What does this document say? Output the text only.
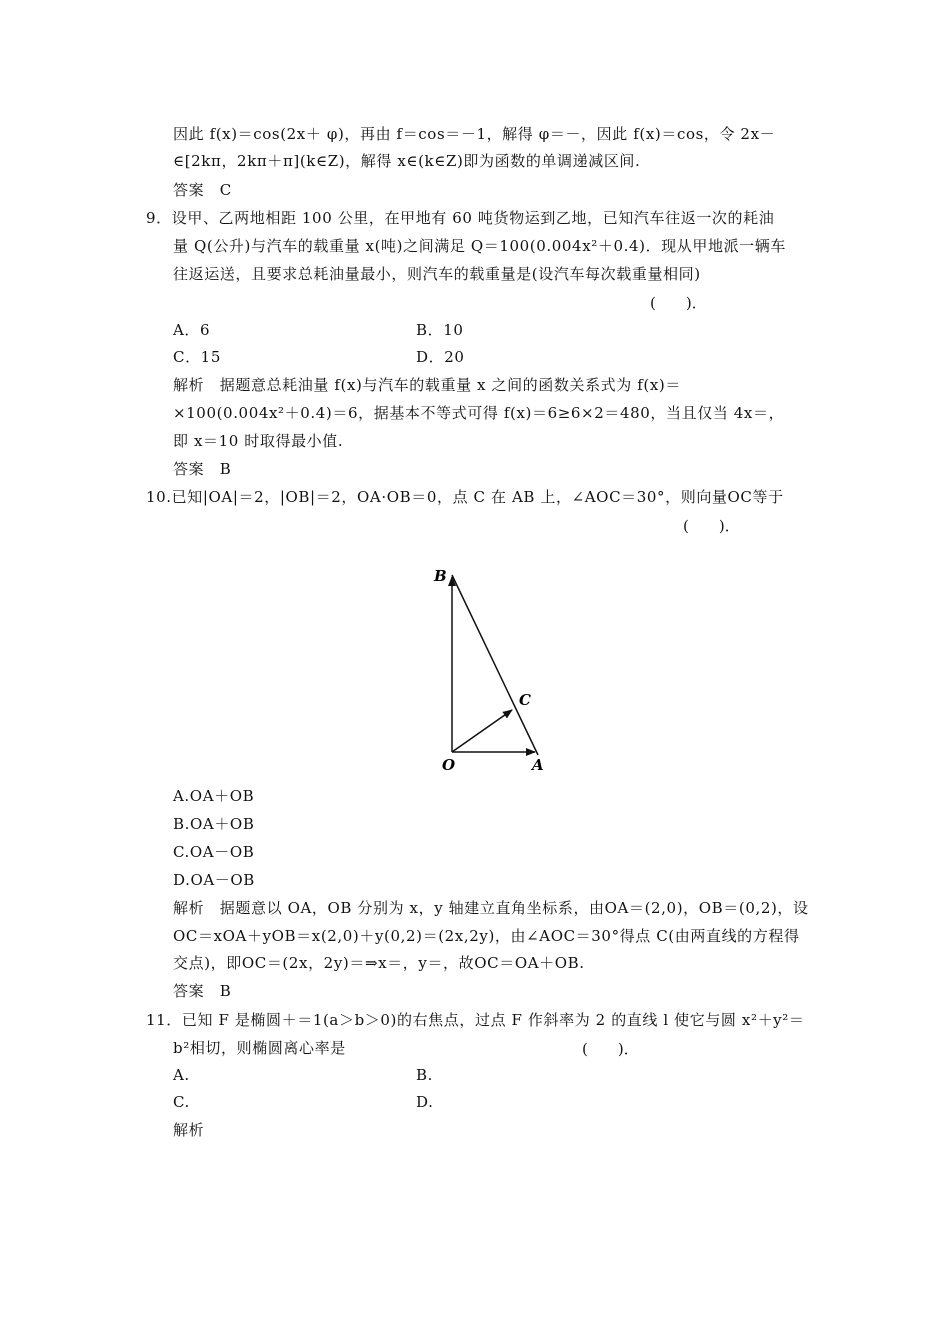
因此 f(x)＝cos(2x＋ φ)，再由 f＝cos＝－1，解得 φ＝－，因此 f(x)＝cos，令 2x－
∈[2kπ，2kπ＋π](k∈Z)，解得 x∈(k∈Z)即为函数的单调递减区间.
答案　C
9．设甲、乙两地相距 100 公里，在甲地有 60 吨货物运到乙地，已知汽车往返一次的耗油
量 Q(公升)与汽车的载重量 x(吨)之间满足 Q＝100(0.004x²＋0.4)．现从甲地派一辆车
往返运送，且要求总耗油量最小，则汽车的载重量是(设汽车每次载重量相同)
(　　)．
A．6	B．10
C．15	D．20
解析　据题意总耗油量 f(x)与汽车的载重量 x 之间的函数关系式为 f(x)＝
×100(0.004x²＋0.4)＝6，据基本不等式可得 f(x)＝6≥6×2＝480，当且仅当 4x＝，
即 x＝10 时取得最小值.
答案　B
10.已知|OA|＝2，|OB|＝2，OA·OB＝0，点 C 在 AB 上，∠AOC＝30°，则向量OC等于
(　　)．
B
C
O	A
A.OA＋OB
B.OA＋OB
C.OA－OB
D.OA－OB
解析　据题意以 OA，OB 分别为 x，y 轴建立直角坐标系，由OA＝(2,0)，OB＝(0,2)，设
OC＝xOA＋yOB＝x(2,0)＋y(0,2)＝(2x,2y)，由∠AOC＝30°得点 C(由两直线的方程得
交点)，即OC＝(2x，2y)＝⇒x＝，y＝，故OC＝OA＋OB.
答案　B
11．已知 F 是椭圆＋＝1(a＞b＞0)的右焦点，过点 F 作斜率为 2 的直线 l 使它与圆 x²＋y²＝
b²相切，则椭圆离心率是	(　　)．
A.	B.
C.	D.
解析
